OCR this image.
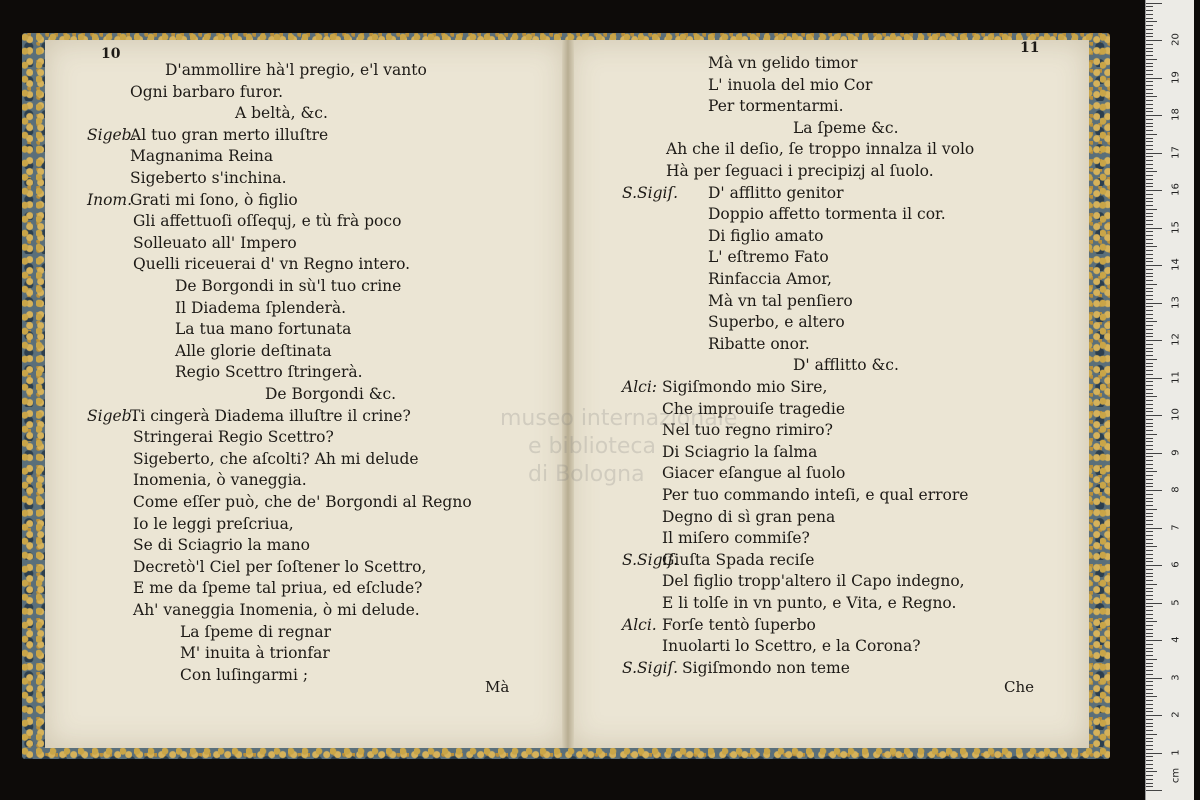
10
Mà
D'ammollire hà'l pregio, e'l vanto
Ogni barbaro furor.
A beltà, &c.
Sigeb.
Al tuo gran merto illuſtre
Magnanima Reina
Sigeberto s'inchina.
Inom.
Grati mi ſono, ò figlio
Gli affettuoſi oſſequj, e tù frà poco
Solleuato all' Impero
Quelli riceuerai d' vn Regno intero.
De Borgondi in sù'l tuo crine
Il Diadema ſplenderà.
La tua mano fortunata
Alle glorie deſtinata
Regio Scettro ſtringerà.
De Borgondi &c.
Sigeb.
Ti cingerà Diadema illuſtre il crine?
Stringerai Regio Scettro?
Sigeberto, che aſcolti? Ah mi delude
Inomenia, ò vaneggia.
Come eſſer può, che de' Borgondi al Regno
Io le leggi preſcriua,
Se di Sciagrio la mano
Decretò'l Ciel per ſoſtener lo Scettro,
E me da ſpeme tal priua, ed eſclude?
Ah' vaneggia Inomenia, ò mi delude.
La ſpeme di regnar
M' inuita à trionfar
Con luſingarmi ;
11
Che
Mà vn gelido timor
L' inuola del mio Cor
Per tormentarmi.
La ſpeme &c.
Ah che il deſio, ſe troppo innalza il volo
Hà per ſeguaci i precipizj al ſuolo.
S.Sigiſ. D' afflitto genitor
Doppio affetto tormenta il cor.
Di figlio amato
L' eſtremo Fato
Rinfaccia Amor,
Mà vn tal penſiero
Superbo, e altero
Ribatte onor.
D' afflitto &c.
Alci: Sigiſmondo mio Sire,
Che improuiſe tragedie
Nel tuo regno rimiro?
Di Sciagrio la ſalma
Giacer eſangue al ſuolo
Per tuo commando inteſi, e qual errore
Degno di sì gran pena
Il miſero commiſe?
S.Sigiſ.
Giuſta Spada reciſe
Del figlio tropp'altero il Capo indegno,
E li tolſe in vn punto, e Vita, e Regno.
Alci. Forſe tentò ſuperbo
Inuolarti lo Scettro, e la Corona?
S.Sigiſ. Sigiſmondo non teme
museo internazionale
e biblioteca
di Bologna
1
2
3
4
5
6
7
8
9
10
11
12
13
14
15
16
17
18
19
20
cm
